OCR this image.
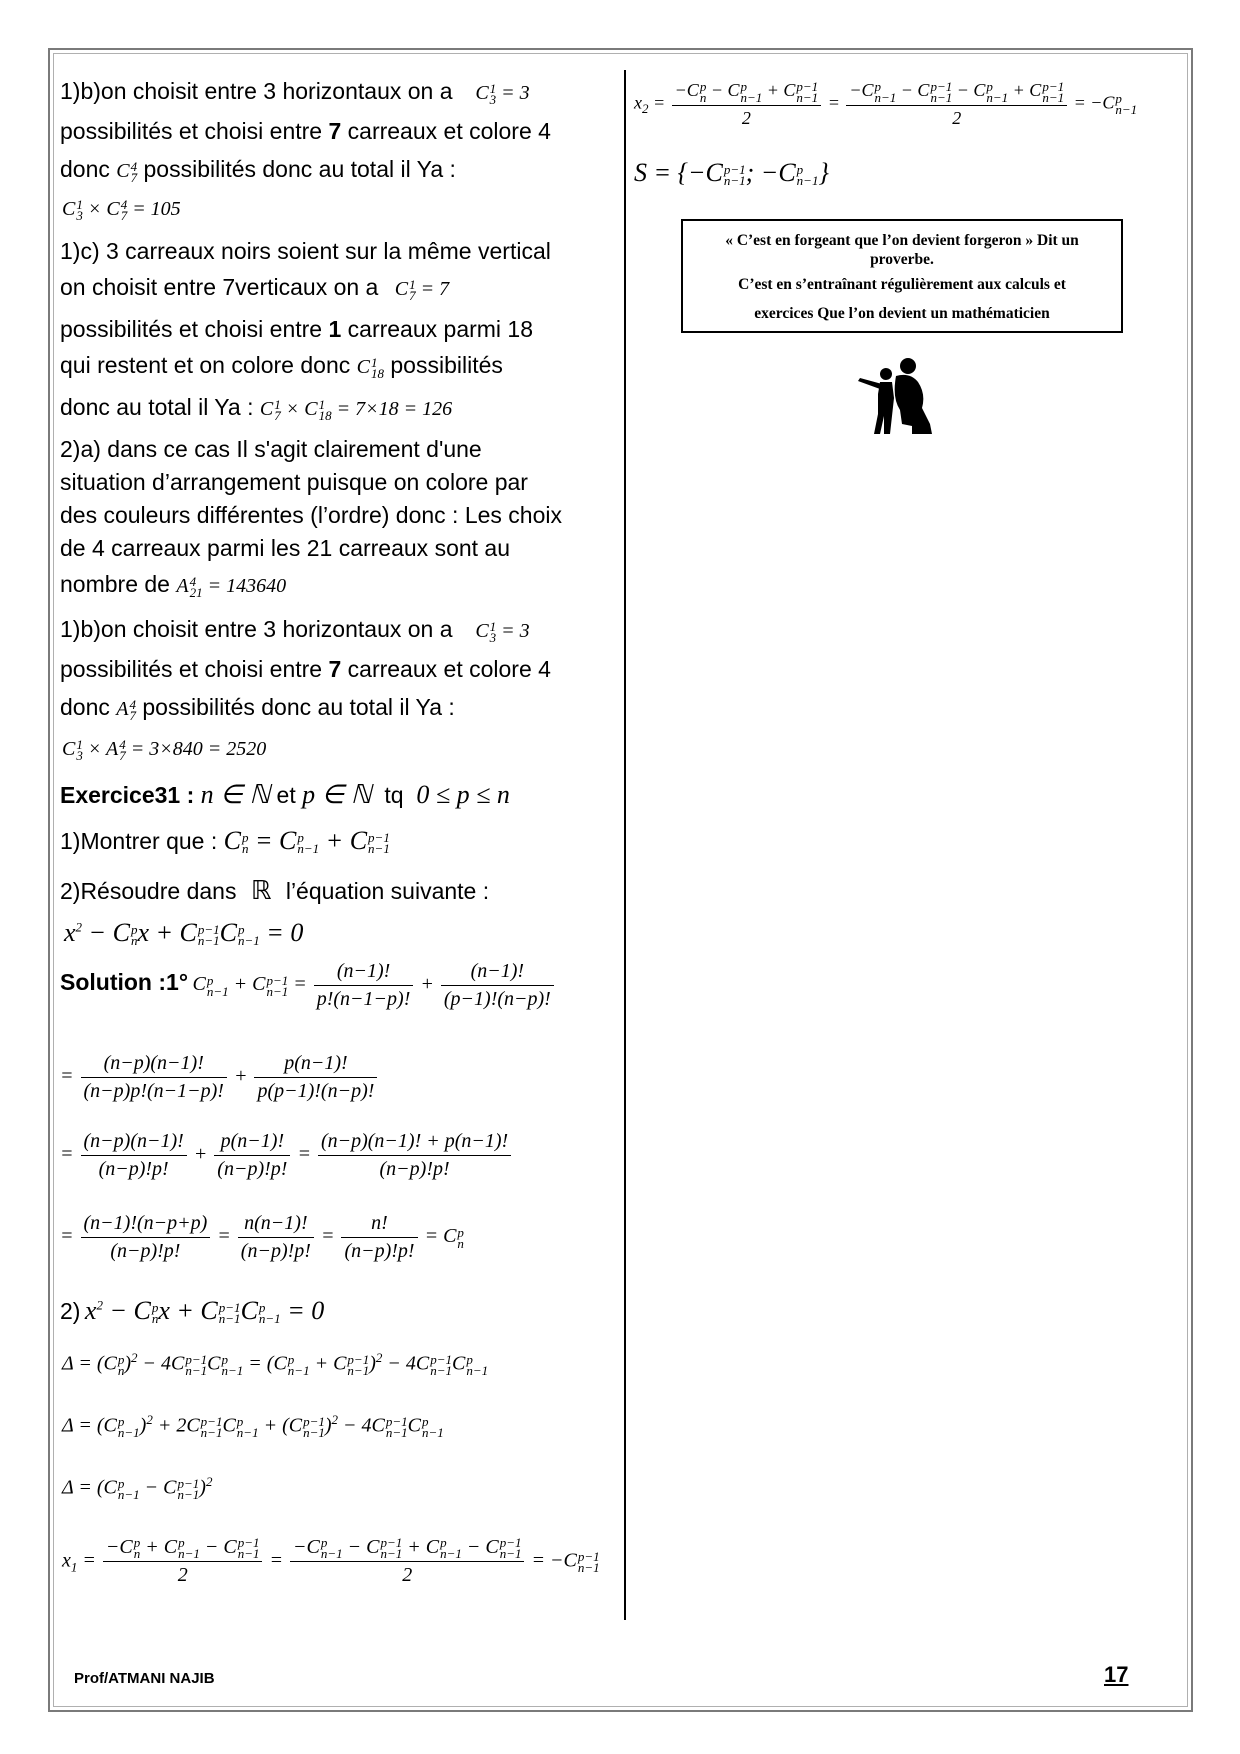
1)b)on choisit entre 3 horizontaux on a C 1
3 = 3
possibilités et choisi entre 7 carreaux et colore 4
donc C 4
7 possibilités donc au total il Ya :
C 1
3 × C 4
7 = 105
1)c) 3 carreaux noirs soient sur la même vertical
on choisit entre 7verticaux on a C 1
7 = 7
possibilités et choisi entre 1 carreaux parmi 18
qui restent et on colore donc C 1
18 possibilités
donc au total il Ya : C 1
7 × C 1
18 = 7×18 = 126
2)a) dans ce cas Il s'agit clairement d'une
situation d’arrangement puisque on colore par
des couleurs différentes (l’ordre) donc : Les choix
de 4 carreaux parmi les 21 carreaux sont au
nombre de A 4
21 = 143640
1)b)on choisit entre 3 horizontaux on a C 1
3 = 3
possibilités et choisi entre 7 carreaux et colore 4
donc A 4
7 possibilités donc au total il Ya :
C 1
3 × A 4
7 = 3×840 = 2520
Exercice31 : n ∈ ℕ et p ∈ ℕ tq 0 ≤ p ≤ n
1)Montrer que : C p
n = C p
n−1 + C p−1
n−1
2)Résoudre dans ℝ l’équation suivante :
$x^2 - C$ p
n x + C p−1
n−1 C p
n−1 = 0
Solution :1° C p
n−1 + C p−1
$n-1 = \frac{(n-1)!}{p!(n-1-p)!} + \frac{(n-1)!}{(p-1)!(n-p)!}$
= $\frac{(n-p)(n-1)!}{(n-p)p!(n-1-p)!} + \frac{p(n-1)!}{p(p-1)!(n-p)!}$
= $\frac{(n-p)(n-1)!}{(n-p)!p!} + \frac{p(n-1)!}{(n-p)!p!} = \frac{(n-p)(n-1)! + p(n-1)!}{(n-p)!p!}$
= $\frac{(n-1)!(n-p+p)}{(n-p)!p!} = \frac{n(n-1)!}{(n-p)!p!} = \frac{n!}{(n-p)!p!} = C$ p
n
2) $x^2 - C$ p
n x + C p−1
n−1 C p
n−1 = 0
Δ = (C p
n )$^2$ − 4C p−1
n−1 C p
n−1 = (C p
n−1 + C p−1
n−1 )$^2$ − 4C p−1
n−1 C p
n−1
Δ = (C p
n−1 )$^2$ + 2C p−1
n−1 C p
n−1 + (C p−1
n−1 )$^2$ − 4C p−1
n−1 C p
n−1
Δ = (C p
n−1 − C p−1
n−1 )$^2$
$x_1 = -C$ p
n + C p
n−1 − C p−1
n−1
2 = −C p
n−1 − C p−1
n−1 + C p
n−1 − C p−1
n−1
2 = −C p−1
n−1
$x_2 = -C$ p
n − C p
n−1 + C p−1
n−1
2 = −C p
n−1 − C p−1
n−1 − C p
n−1 + C p−1
n−1
2 = −C p
n−1
S = {−C p−1
n−1 ; −C p
n−1 }
« C’est en forgeant que l’on devient forgeron » Dit un
proverbe.
C’est en s’entraînant régulièrement aux calculs et
exercices Que l’on devient un mathématicien
Prof/ATMANI NAJIB	17
